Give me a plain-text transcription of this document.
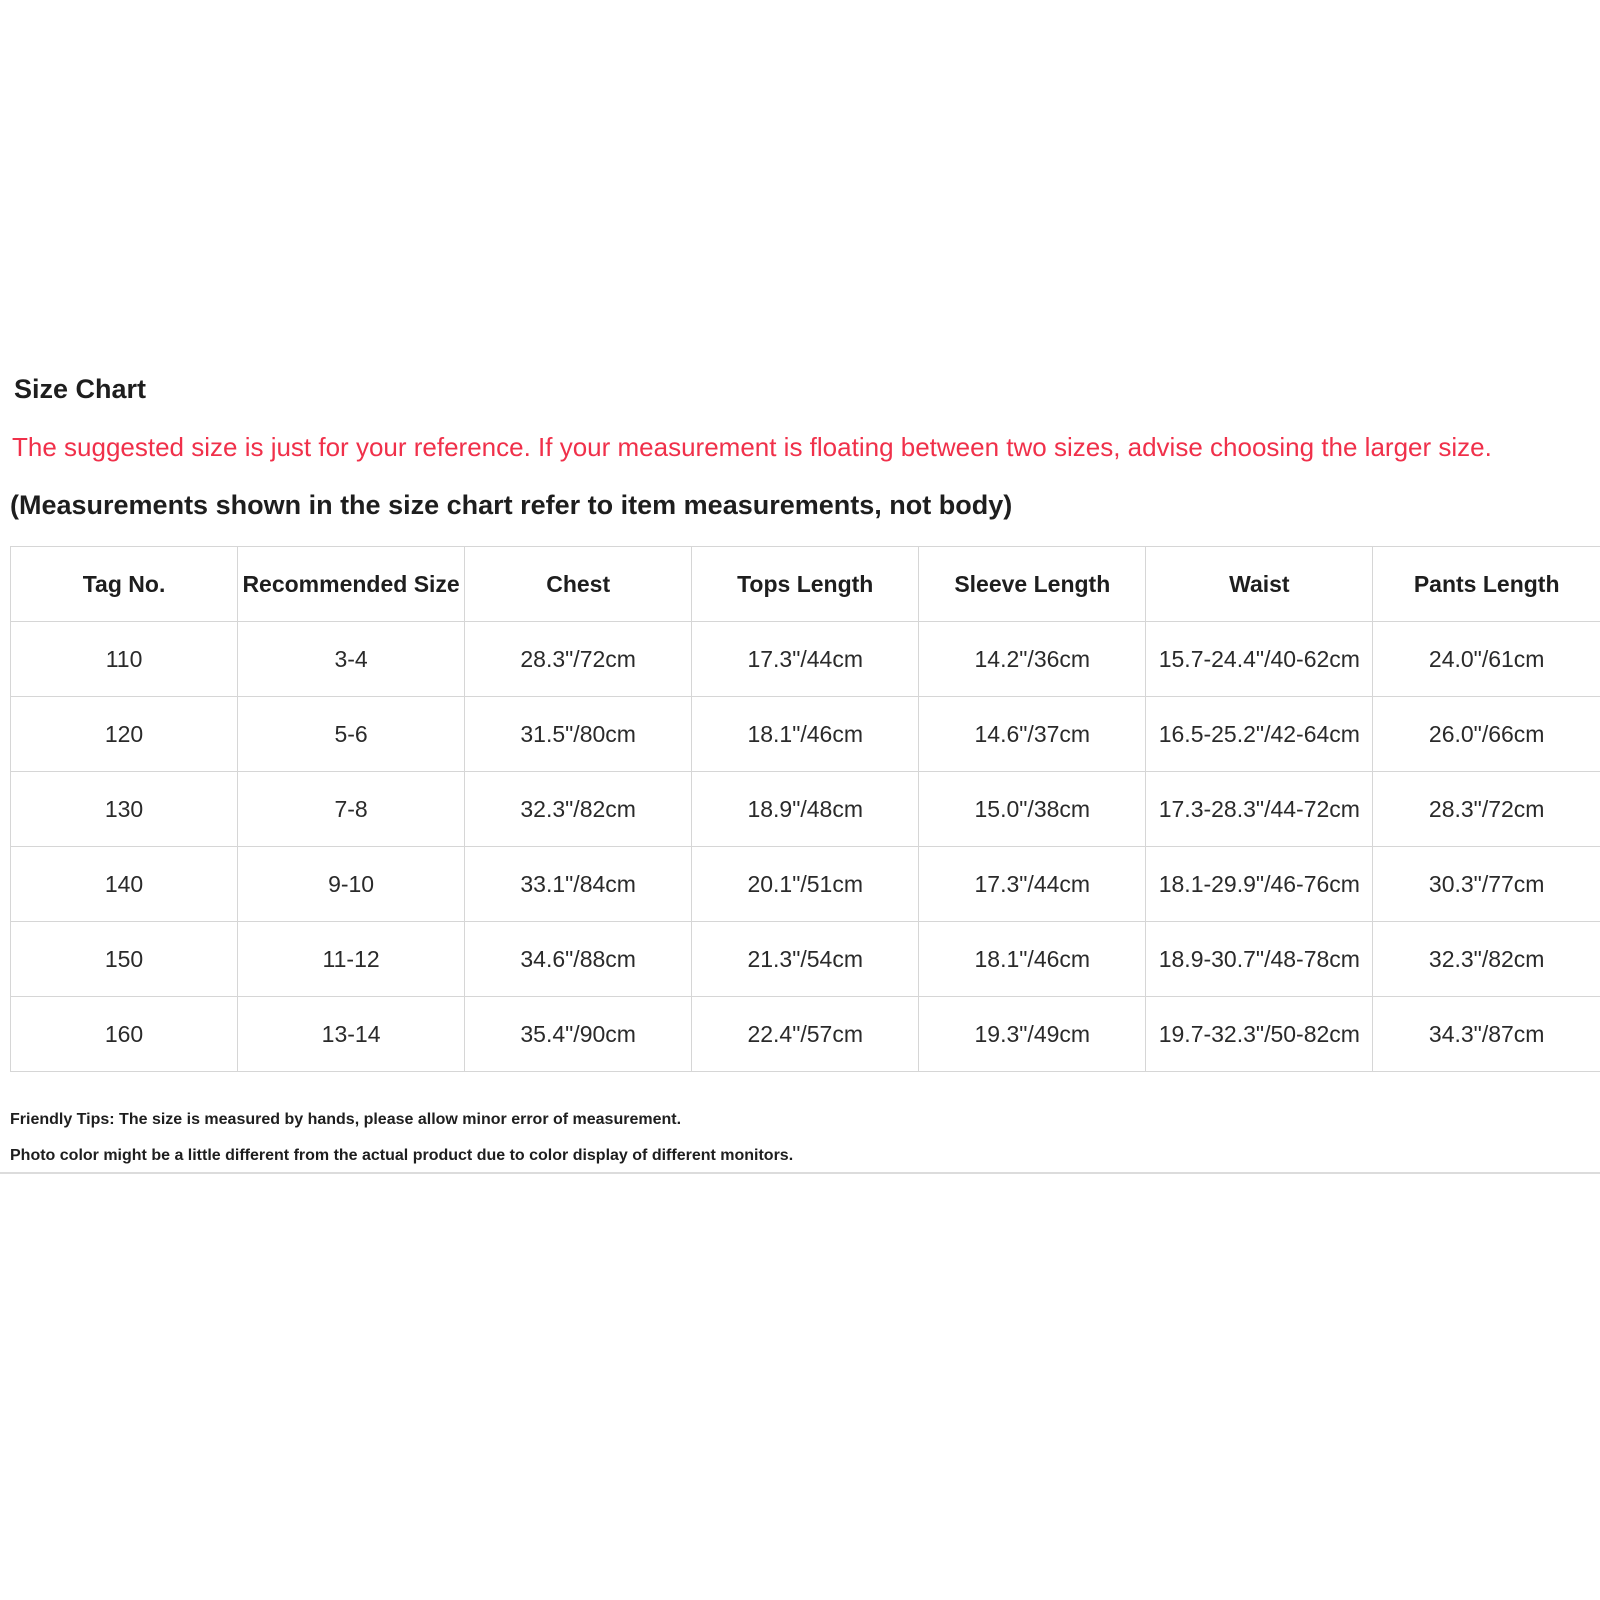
Size Chart
The suggested size is just for your reference. If your measurement is floating between two sizes, advise choosing the larger size.
(Measurements shown in the size chart refer to item measurements, not body)
Tag No.	Recommended Size	Chest	Tops Length	Sleeve Length	Waist	Pants Length
110	3-4	28.3"/72cm	17.3"/44cm	14.2"/36cm	15.7-24.4"/40-62cm	24.0"/61cm
120	5-6	31.5"/80cm	18.1"/46cm	14.6"/37cm	16.5-25.2"/42-64cm	26.0"/66cm
130	7-8	32.3"/82cm	18.9"/48cm	15.0"/38cm	17.3-28.3"/44-72cm	28.3"/72cm
140	9-10	33.1"/84cm	20.1"/51cm	17.3"/44cm	18.1-29.9"/46-76cm	30.3"/77cm
150	11-12	34.6"/88cm	21.3"/54cm	18.1"/46cm	18.9-30.7"/48-78cm	32.3"/82cm
160	13-14	35.4"/90cm	22.4"/57cm	19.3"/49cm	19.7-32.3"/50-82cm	34.3"/87cm
Friendly Tips: The size is measured by hands, please allow minor error of measurement.
Photo color might be a little different from the actual product due to color display of different monitors.
